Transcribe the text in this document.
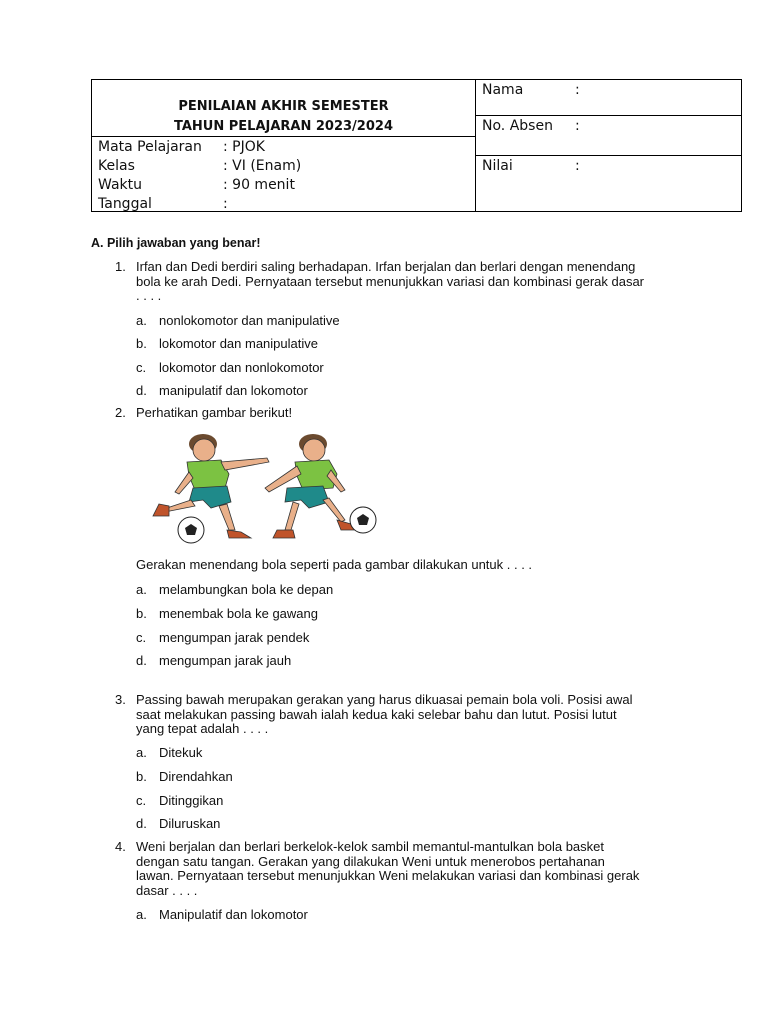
PENILAIAN AKHIR SEMESTER
TAHUN PELAJARAN 2023/2024
Mata Pelajaran : PJOK
Kelas	: VI (Enam)
Waktu	: 90 menit
Tanggal	:
Nama	:
No. Absen :
Nilai	:
A. Pilih jawaban yang benar!
1. Irfan dan Dedi berdiri saling berhadapan. Irfan berjalan dan berlari dengan menendang
bola ke arah Dedi. Pernyataan tersebut menunjukkan variasi dan kombinasi gerak dasar
. . . .
a. nonlokomotor dan manipulative
b. lokomotor dan manipulative
c. lokomotor dan nonlokomotor
d. manipulatif dan lokomotor
2. Perhatikan gambar berikut!
Gerakan menendang bola seperti pada gambar dilakukan untuk . . . .
a. melambungkan bola ke depan
b. menembak bola ke gawang
c. mengumpan jarak pendek
d. mengumpan jarak jauh
3. Passing bawah merupakan gerakan yang harus dikuasai pemain bola voli. Posisi awal
saat melakukan passing bawah ialah kedua kaki selebar bahu dan lutut. Posisi lutut
yang tepat adalah . . . .
a. Ditekuk
b. Direndahkan
c. Ditinggikan
d. Diluruskan
4. Weni berjalan dan berlari berkelok-kelok sambil memantul-mantulkan bola basket
dengan satu tangan. Gerakan yang dilakukan Weni untuk menerobos pertahanan
lawan. Pernyataan tersebut menunjukkan Weni melakukan variasi dan kombinasi gerak
dasar . . . .
a. Manipulatif dan lokomotor
